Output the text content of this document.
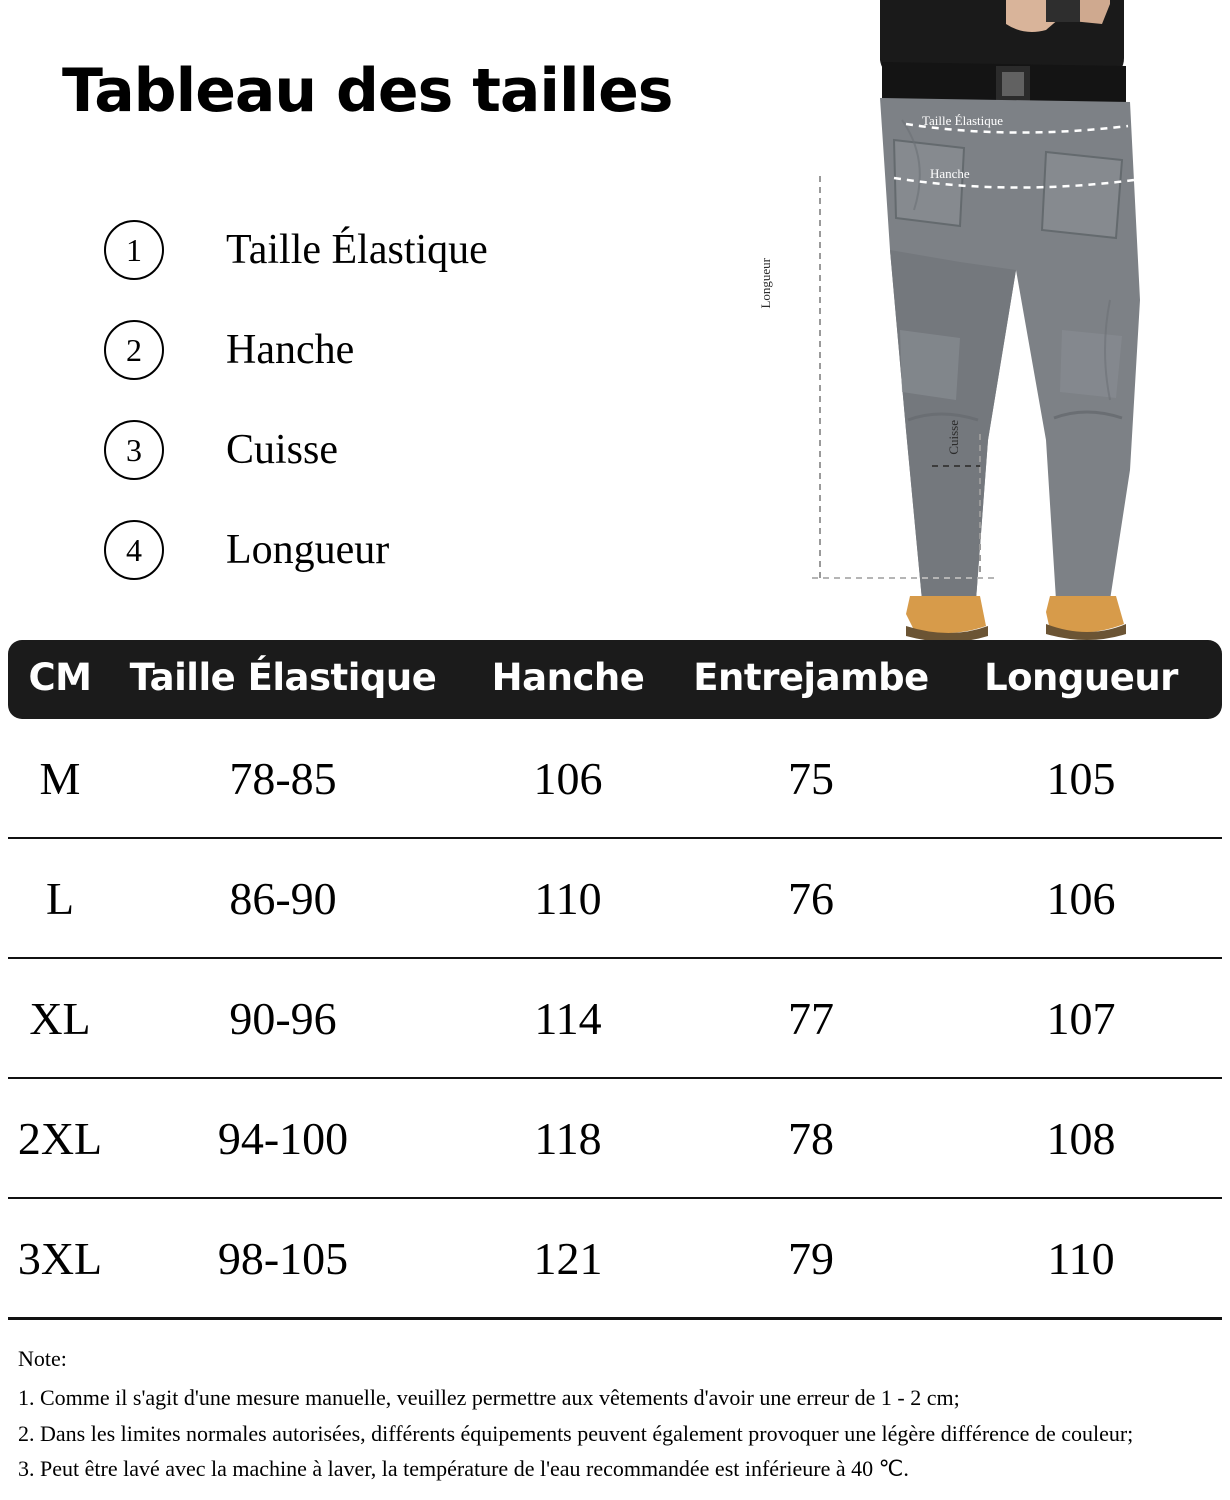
Tableau des tailles
1	Taille Élastique
2	Hanche
3	Cuisse
4	Longueur
Taille Élastique
Hanche
Cuisse
Longueur
CM	Taille Élastique	Hanche	Entrejambe	Longueur
M	78-85	106	75	105
L	86-90	110	76	106
XL	90-96	114	77	107
2XL	94-100	118	78	108
3XL	98-105	121	79	110
Note:
1. Comme il s'agit d'une mesure manuelle, veuillez permettre aux vêtements d'avoir une erreur de 1 - 2 cm;
2. Dans les limites normales autorisées, différents équipements peuvent également provoquer une légère différence de couleur;
3. Peut être lavé avec la machine à laver, la température de l'eau recommandée est inférieure à 40 ℃.
